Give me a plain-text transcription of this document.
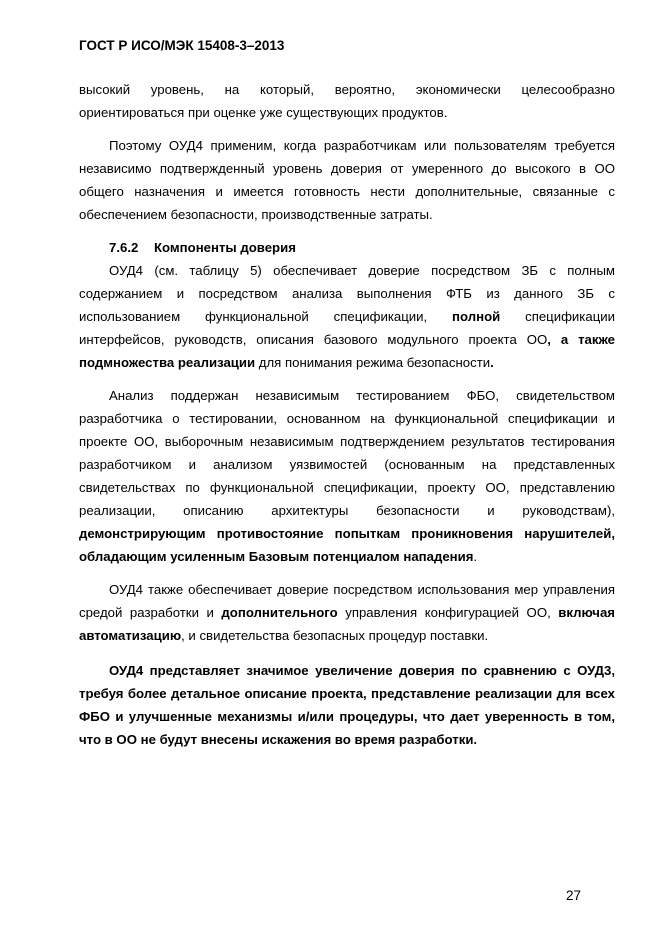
ГОСТ Р ИСО/МЭК 15408-3–2013

высокий уровень, на который, вероятно, экономически целесообразно ориентироваться при оценке уже существующих продуктов.

Поэтому ОУД4 применим, когда разработчикам или пользователям требуется независимо подтвержденный уровень доверия от умеренного до высокого в ОО общего назначения и имеется готовность нести дополнительные, связанные с обеспечением безопасности, производственные затраты.

7.6.2 Компоненты доверия

ОУД4 (см. таблицу 5) обеспечивает доверие посредством ЗБ с полным содержанием и посредством анализа выполнения ФТБ из данного ЗБ с использованием функциональной спецификации, полной спецификации интерфейсов, руководств, описания базового модульного проекта ОО, а также подмножества реализации для понимания режима безопасности.

Анализ поддержан независимым тестированием ФБО, свидетельством разработчика о тестировании, основанном на функциональной спецификации и проекте ОО, выборочным независимым подтверждением результатов тестирования разработчиком и анализом уязвимостей (основанным на представленных свидетельствах по функциональной спецификации, проекту ОО, представлению реализации, описанию архитектуры безопасности и руководствам), демонстрирующим противостояние попыткам проникновения нарушителей, обладающим усиленным Базовым потенциалом нападения.

ОУД4 также обеспечивает доверие посредством использования мер управления средой разработки и дополнительного управления конфигурацией ОО, включая автоматизацию, и свидетельства безопасных процедур поставки.

ОУД4 представляет значимое увеличение доверия по сравнению с ОУД3, требуя более детальное описание проекта, представление реализации для всех ФБО и улучшенные механизмы и/или процедуры, что дает уверенность в том, что в ОО не будут внесены искажения во время разработки.

27
